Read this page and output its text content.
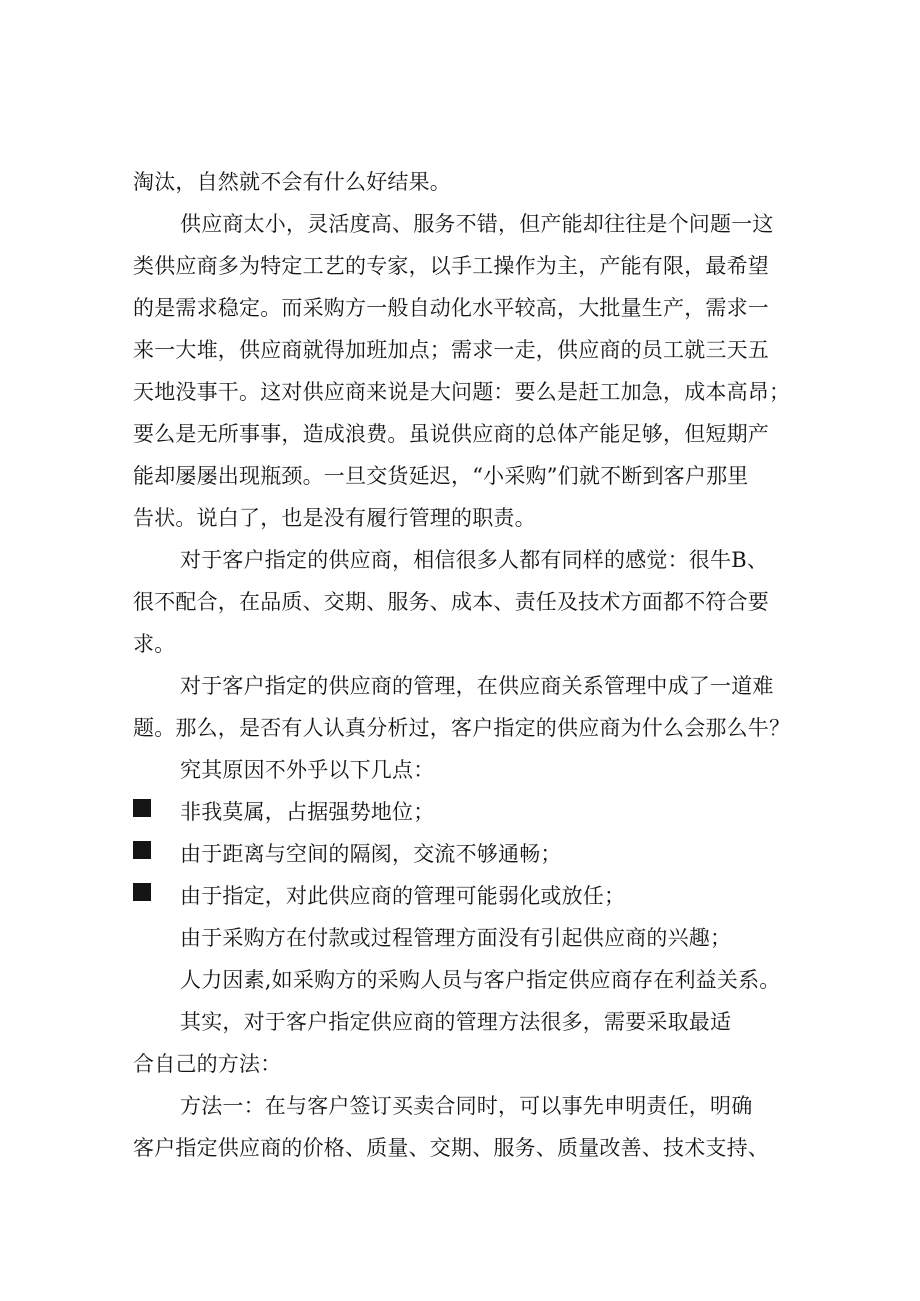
淘汰，自然就不会有什么好结果。
供应商太小，灵活度高、服务不错，但产能却往往是个问题一这
类供应商多为特定工艺的专家，以手工操作为主，产能有限，最希望
的是需求稳定。而采购方一般自动化水平较高，大批量生产，需求一
来一大堆，供应商就得加班加点；需求一走，供应商的员工就三天五
天地没事干。这对供应商来说是大问题：要么是赶工加急，成本高昂；
要么是无所事事，造成浪费。虽说供应商的总体产能足够，但短期产
能却屡屡出现瓶颈。一旦交货延迟，“小采购”们就不断到客户那里
告状。说白了，也是没有履行管理的职责。
对于客户指定的供应商，相信很多人都有同样的感觉：很牛B、
很不配合，在品质、交期、服务、成本、责任及技术方面都不符合要
求。
对于客户指定的供应商的管理，在供应商关系管理中成了一道难
题。那么，是否有人认真分析过，客户指定的供应商为什么会那么牛？
究其原因不外乎以下几点：
非我莫属，占据强势地位；
由于距离与空间的隔阂，交流不够通畅；
由于指定，对此供应商的管理可能弱化或放任；
由于采购方在付款或过程管理方面没有引起供应商的兴趣；
人力因素,如采购方的采购人员与客户指定供应商存在利益关系。
其实，对于客户指定供应商的管理方法很多，需要采取最适
合自己的方法：
方法一：在与客户签订买卖合同时，可以事先申明责任，明确
客户指定供应商的价格、质量、交期、服务、质量改善、技术支持、
